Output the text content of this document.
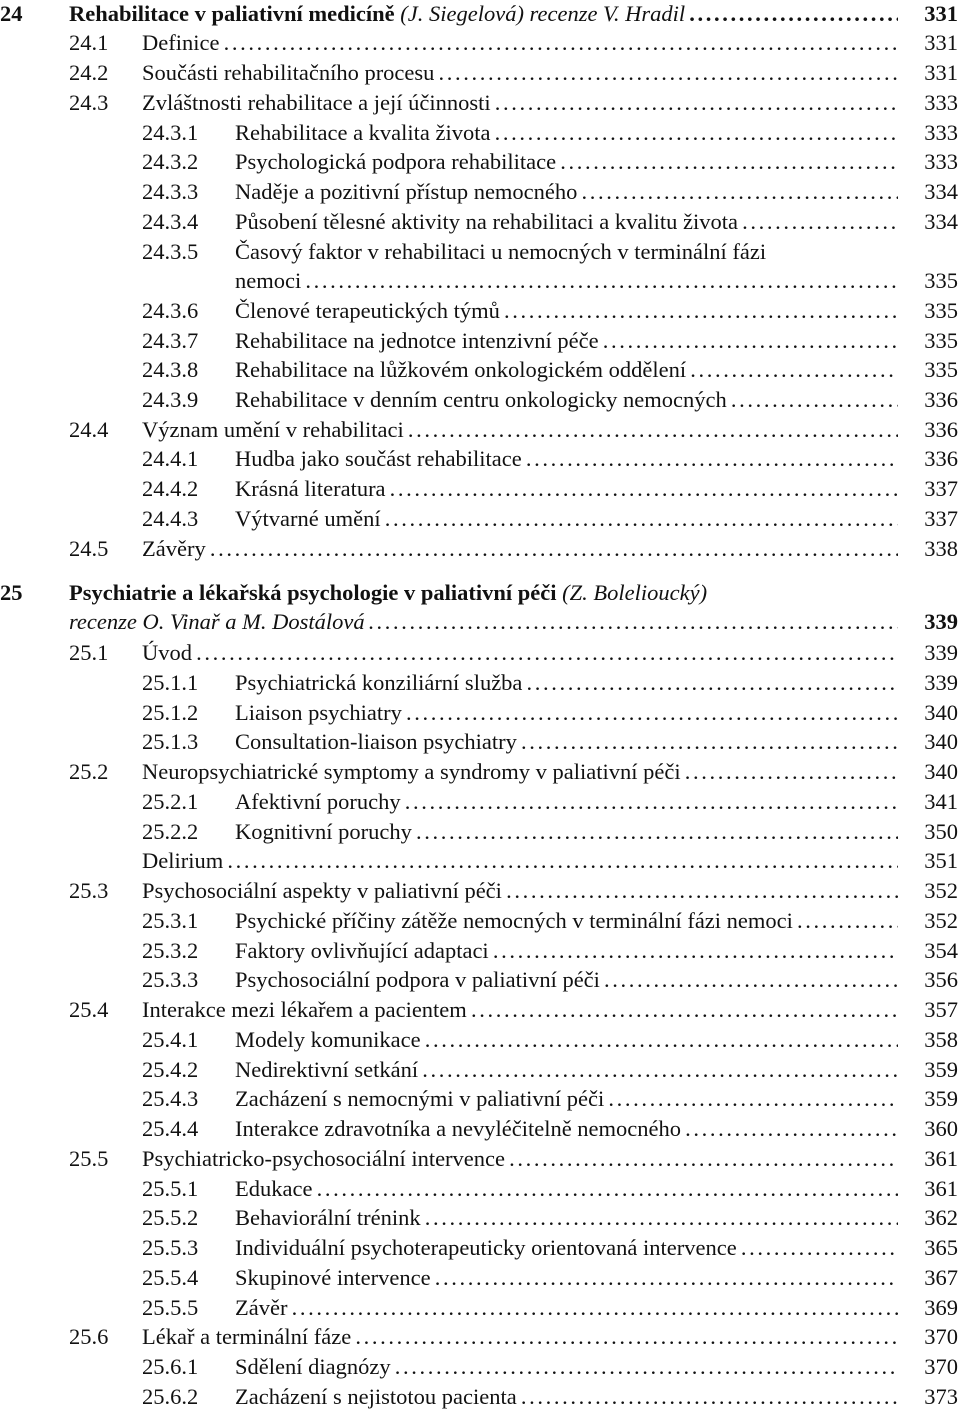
24 Rehabilitace v paliativní medicíně (J. Siegelová) recenze V. Hradil . . .	331
24.1 Definice . . .	331
24.2 Součásti rehabilitačního procesu . . .	331
24.3 Zvláštnosti rehabilitace a její účinnosti . . .	333
24.3.1 Rehabilitace a kvalita života . . .	333
24.3.2 Psychologická podpora rehabilitace . . .	333
24.3.3 Naděje a pozitivní přístup nemocného . . .	334
24.3.4 Působení tělesné aktivity na rehabilitaci a kvalitu života . . .	334
24.3.5 Časový faktor v rehabilitaci u nemocných v terminální fázi
nemoci . . .	335
24.3.6 Členové terapeutických týmů . . .	335
24.3.7 Rehabilitace na jednotce intenzivní péče . . .	335
24.3.8 Rehabilitace na lůžkovém onkologickém oddělení . . .	335
24.3.9 Rehabilitace v denním centru onkologicky nemocných . . .	336
24.4 Význam umění v rehabilitaci . . .	336
24.4.1 Hudba jako součást rehabilitace . . .	336
24.4.2 Krásná literatura . . .	337
24.4.3 Výtvarné umění . . .	337
24.5 Závěry . . .	338
25 Psychiatrie a lékařská psychologie v paliativní péči (Z. Bolelioucký)
recenze O. Vinař a M. Dostálová . . .	339
25.1 Úvod . . .	339
25.1.1 Psychiatrická konziliární služba . . .	339
25.1.2 Liaison psychiatry . . .	340
25.1.3 Consultation-liaison psychiatry . . .	340
25.2 Neuropsychiatrické symptomy a syndromy v paliativní péči . . .	340
25.2.1 Afektivní poruchy . . .	341
25.2.2 Kognitivní poruchy . . .	350
Delirium . . .	351
25.3 Psychosociální aspekty v paliativní péči . . .	352
25.3.1 Psychické příčiny zátěže nemocných v terminální fázi nemoci . . .	352
25.3.2 Faktory ovlivňující adaptaci . . .	354
25.3.3 Psychosociální podpora v paliativní péči . . .	356
25.4 Interakce mezi lékařem a pacientem . . .	357
25.4.1 Modely komunikace . . .	358
25.4.2 Nedirektivní setkání . . .	359
25.4.3 Zacházení s nemocnými v paliativní péči . . .	359
25.4.4 Interakce zdravotníka a nevyléčitelně nemocného . . .	360
25.5 Psychiatricko-psychosociální intervence . . .	361
25.5.1 Edukace . . .	361
25.5.2 Behaviorální trénink . . .	362
25.5.3 Individuální psychoterapeuticky orientovaná intervence . . .	365
25.5.4 Skupinové intervence . . .	367
25.5.5 Závěr . . .	369
25.6 Lékař a terminální fáze . . .	370
25.6.1 Sdělení diagnózy . . .	370
25.6.2 Zacházení s nejistotou pacienta . . .	373
